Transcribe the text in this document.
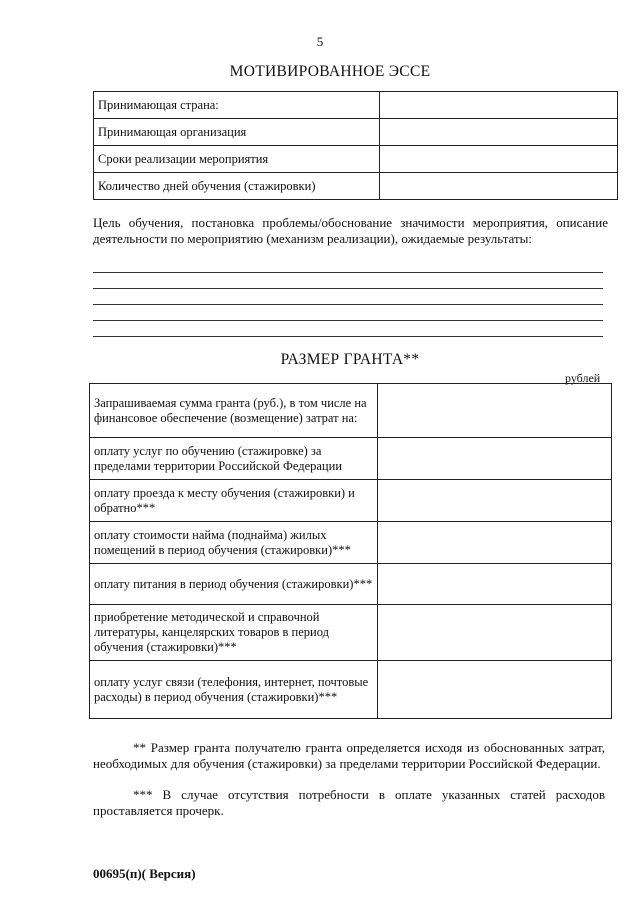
5
МОТИВИРОВАННОЕ ЭССЕ
Принимающая страна:	
Принимающая организация	
Сроки реализации мероприятия	
Количество дней обучения (стажировки)	
Цель обучения, постановка проблемы/обоснование значимости мероприятия, описание деятельности по мероприятию (механизм реализации), ожидаемые результаты:
РАЗМЕР ГРАНТА**
рублей
Запрашиваемая сумма гранта (руб.), в том числе на финансовое обеспечение (возмещение) затрат на:	
оплату услуг по обучению (стажировке) за пределами территории Российской Федерации	
оплату проезда к месту обучения (стажировки) и обратно***	
оплату стоимости найма (поднайма) жилых помещений в период обучения (стажировки)***	
оплату питания в период обучения (стажировки)***	
приобретение методической и справочной литературы, канцелярских товаров в период обучения (стажировки)***	
оплату услуг связи (телефония, интернет, почтовые расходы) в период обучения (стажировки)***	
** Размер гранта получателю гранта определяется исходя из обоснованных затрат, необходимых для обучения (стажировки) за пределами территории Российской Федерации.
*** В случае отсутствия потребности в оплате указанных статей расходов проставляется прочерк.
00695(п)( Версия)
